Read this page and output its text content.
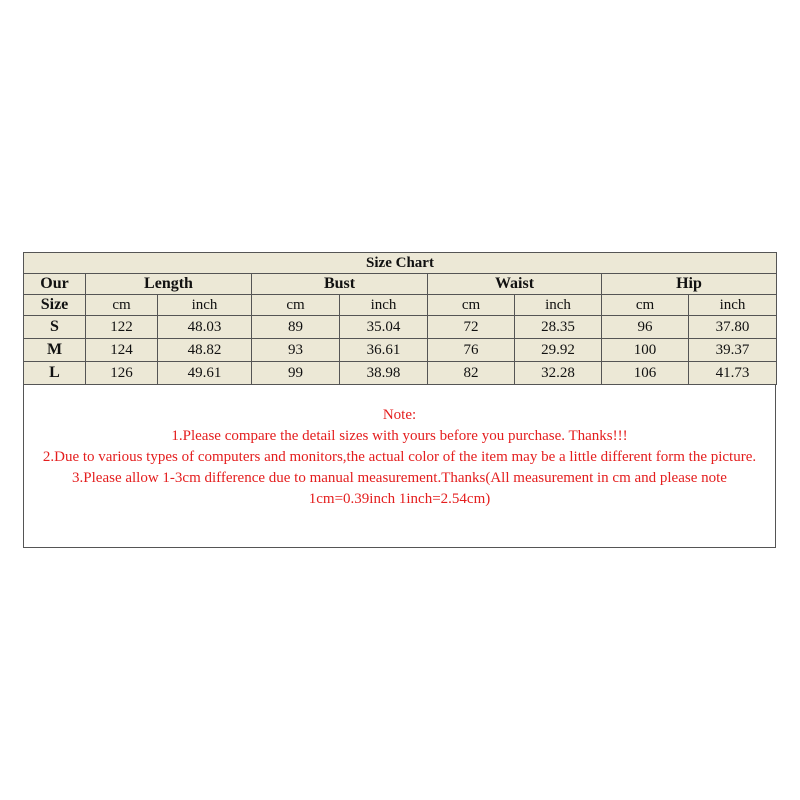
Size Chart								
Our	Length		Bust		Waist		Hip	
Size	cm	inch	cm	inch	cm	inch	cm	inch
S	122	48.03	89	35.04	72	28.35	96	37.80
M	124	48.82	93	36.61	76	29.92	100	39.37
L	126	49.61	99	38.98	82	32.28	106	41.73
Note:
1.Please compare the detail sizes with yours before you purchase. Thanks!!!
2.Due to various types of computers and monitors,the actual color of the item may be a little different form the picture.
3.Please allow 1-3cm difference due to manual measurement.Thanks(All measurement in cm and please note 1cm=0.39inch 1inch=2.54cm)
